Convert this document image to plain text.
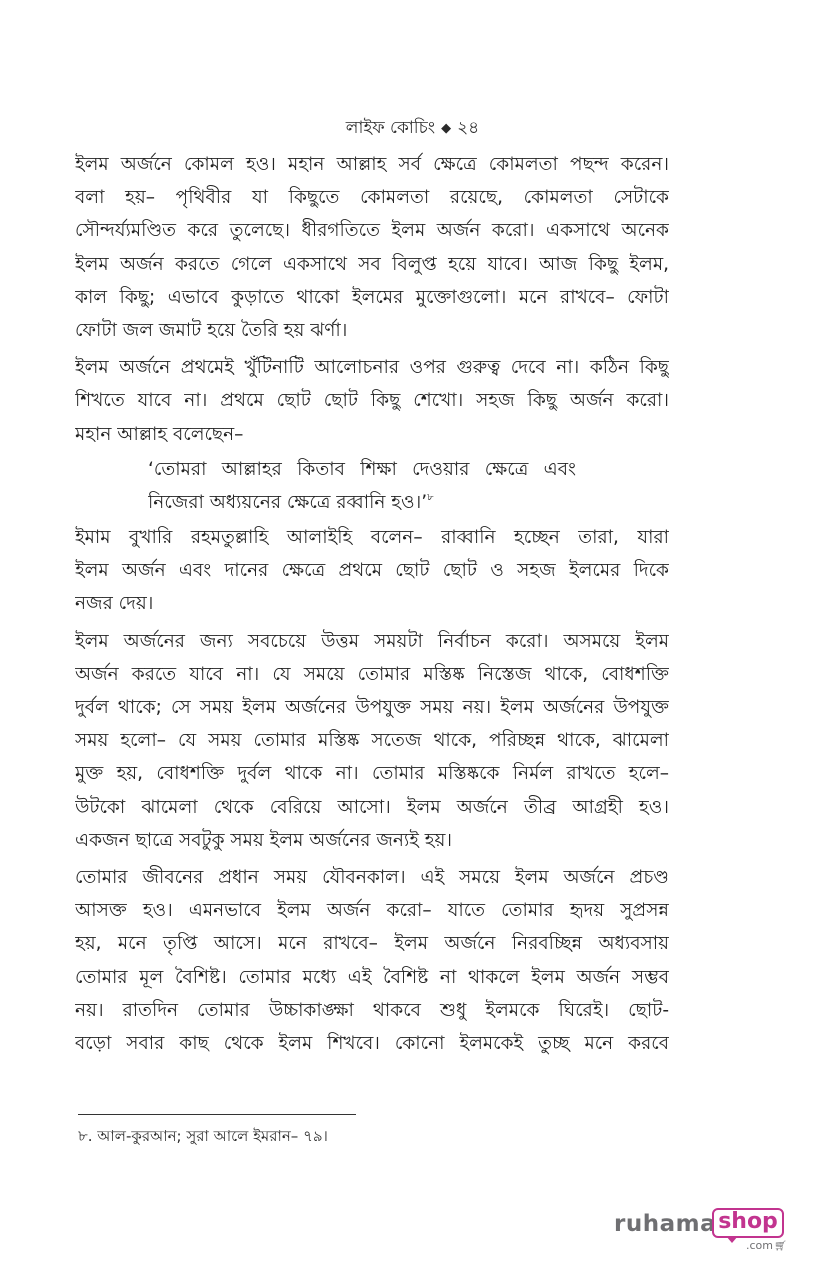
লাইফ কোচিং ◆ ২৪
ইলম অর্জনে কোমল হও। মহান আল্লাহ সর্ব ক্ষেত্রে কোমলতা পছন্দ করেন।
বলা হয়– পৃথিবীর যা কিছুতে কোমলতা রয়েছে, কোমলতা সেটাকে
সৌন্দর্য্যমণ্ডিত করে তুলেছে। ধীরগতিতে ইলম অর্জন করো। একসাথে অনেক
ইলম অর্জন করতে গেলে একসাথে সব বিলুপ্ত হয়ে যাবে। আজ কিছু ইলম,
কাল কিছু; এভাবে কুড়াতে থাকো ইলমের মুক্তোগুলো। মনে রাখবে– ফোটা
ফোটা জল জমাট হয়ে তৈরি হয় ঝর্ণা।
ইলম অর্জনে প্রথমেই খুঁটিনাটি আলোচনার ওপর গুরুত্ব দেবে না। কঠিন কিছু
শিখতে যাবে না। প্রথমে ছোট ছোট কিছু শেখো। সহজ কিছু অর্জন করো।
মহান আল্লাহ বলেছেন–
‘তোমরা আল্লাহর কিতাব শিক্ষা দেওয়ার ক্ষেত্রে এবং
নিজেরা অধ্যয়নের ক্ষেত্রে রব্বানি হও।’$^৮$
ইমাম বুখারি রহমতুল্লাহি আলাইহি বলেন– রাব্বানি হচ্ছেন তারা, যারা
ইলম অর্জন এবং দানের ক্ষেত্রে প্রথমে ছোট ছোট ও সহজ ইলমের দিকে
নজর দেয়।
ইলম অর্জনের জন্য সবচেয়ে উত্তম সময়টা নির্বাচন করো। অসময়ে ইলম
অর্জন করতে যাবে না। যে সময়ে তোমার মস্তিষ্ক নিস্তেজ থাকে, বোধশক্তি
দুর্বল থাকে; সে সময় ইলম অর্জনের উপযুক্ত সময় নয়। ইলম অর্জনের উপযুক্ত
সময় হলো– যে সময় তোমার মস্তিষ্ক সতেজ থাকে, পরিচ্ছন্ন থাকে, ঝামেলা
মুক্ত হয়, বোধশক্তি দুর্বল থাকে না। তোমার মস্তিষ্ককে নির্মল রাখতে হলে–
উটকো ঝামেলা থেকে বেরিয়ে আসো। ইলম অর্জনে তীব্র আগ্রহী হও।
একজন ছাত্রে সবটুকু সময় ইলম অর্জনের জন্যই হয়।
তোমার জীবনের প্রধান সময় যৌবনকাল। এই সময়ে ইলম অর্জনে প্রচণ্ড
আসক্ত হও। এমনভাবে ইলম অর্জন করো– যাতে তোমার হৃদয় সুপ্রসন্ন
হয়, মনে তৃপ্তি আসে। মনে রাখবে– ইলম অর্জনে নিরবচ্ছিন্ন অধ্যবসায়
তোমার মূল বৈশিষ্ট। তোমার মধ্যে এই বৈশিষ্ট না থাকলে ইলম অর্জন সম্ভব
নয়। রাতদিন তোমার উচ্চাকাঙ্ক্ষা থাকবে শুধু ইলমকে ঘিরেই। ছোট-
বড়ো সবার কাছ থেকে ইলম শিখবে। কোনো ইলমকেই তুচ্ছ মনে করবে
৮. আল-কুরআন; সুরা আলে ইমরান– ৭৯।
ruhama shop
.com🛒︎
